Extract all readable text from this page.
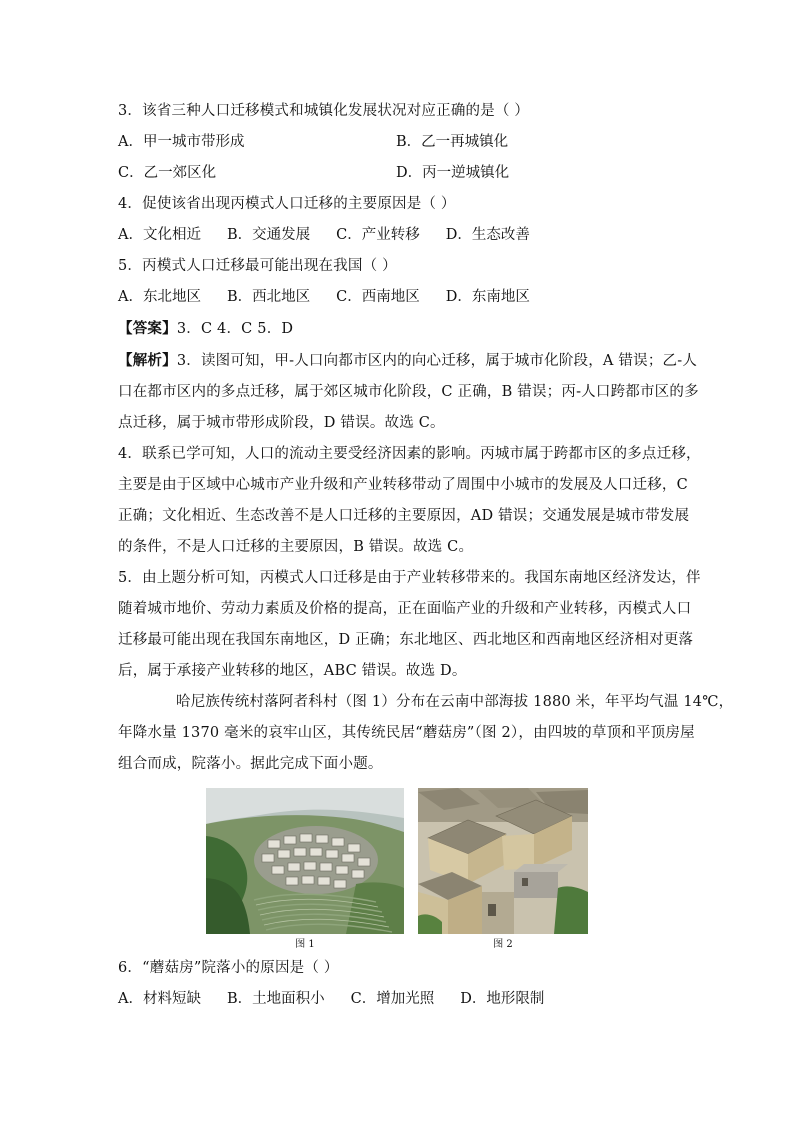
3．该省三种人口迁移模式和城镇化发展状况对应正确的是（ ）
A．甲一城市带形成	B．乙一再城镇化
C．乙一郊区化	D．丙一逆城镇化
4．促使该省出现丙模式人口迁移的主要原因是（ ）
A．文化相近 B．交通发展 C．产业转移 D．生态改善
5．丙模式人口迁移最可能出现在我国（ ）
A．东北地区 B．西北地区 C．西南地区 D．东南地区
【答案】3．C 4．C 5．D
【解析】3．读图可知，甲-人口向都市区内的向心迁移，属于城市化阶段，A 错误；乙-人
口在都市区内的多点迁移，属于郊区城市化阶段，C 正确，B 错误；丙-人口跨都市区的多
点迁移，属于城市带形成阶段，D 错误。故选 C。
4．联系已学可知，人口的流动主要受经济因素的影响。丙城市属于跨都市区的多点迁移，
主要是由于区域中心城市产业升级和产业转移带动了周围中小城市的发展及人口迁移，C
正确；文化相近、生态改善不是人口迁移的主要原因，AD 错误；交通发展是城市带发展
的条件，不是人口迁移的主要原因，B 错误。故选 C。
5．由上题分析可知，丙模式人口迁移是由于产业转移带来的。我国东南地区经济发达，伴
随着城市地价、劳动力素质及价格的提高，正在面临产业的升级和产业转移，丙模式人口
迁移最可能出现在我国东南地区，D 正确；东北地区、西北地区和西南地区经济相对更落
后，属于承接产业转移的地区，ABC 错误。故选 D。
哈尼族传统村落阿者科村（图 1）分布在云南中部海拔 1880 米，年平均气温 14℃，
年降水量 1370 毫米的哀牢山区，其传统民居“蘑菇房”（图 2），由四坡的草顶和平顶房屋
组合而成，院落小。据此完成下面小题。
图 1	图 2
6．“蘑菇房”院落小的原因是（ ）
A．材料短缺 B．土地面积小 C．增加光照 D．地形限制
